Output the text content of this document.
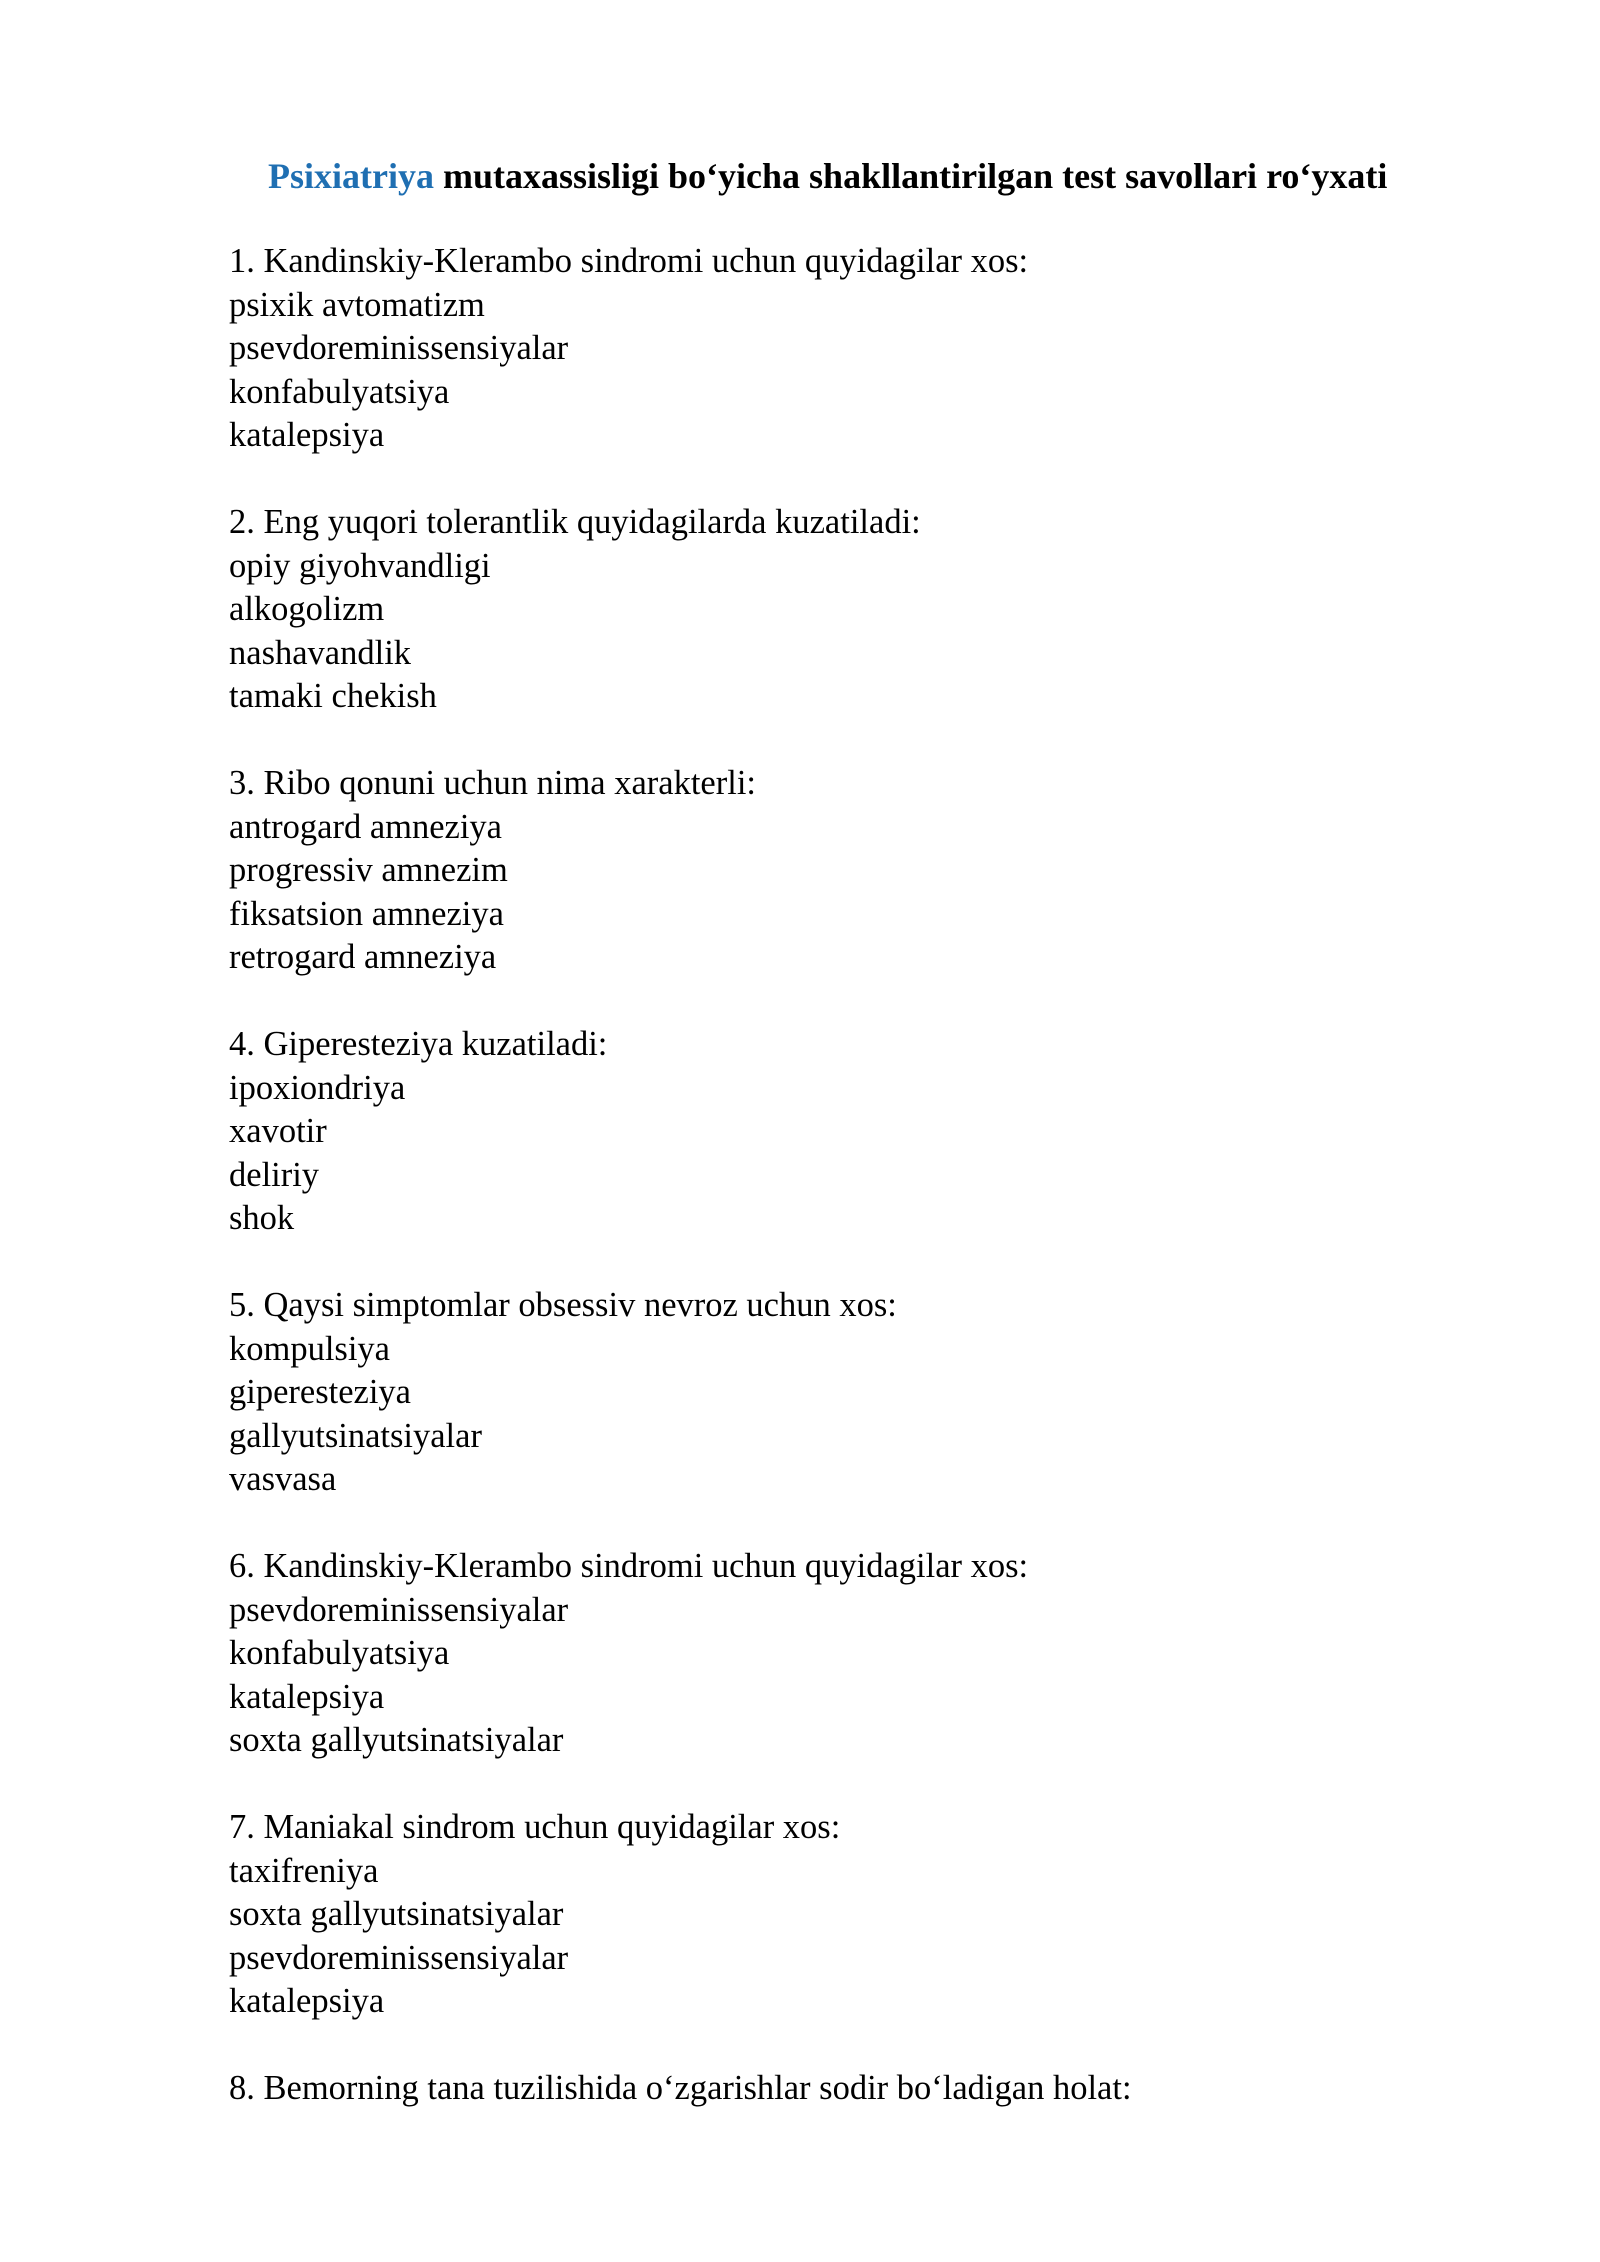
Psixiatriya mutaxassisligi bo‘yicha shakllantirilgan test savollari ro‘yxati

1. Kandinskiy-Klerambo sindromi uchun quyidagilar xos:

psixik avtomatizm

psevdoreminissensiyalar

konfabulyatsiya

katalepsiya

2. Eng yuqori tolerantlik quyidagilarda kuzatiladi:

opiy giyohvandligi

alkogolizm

nashavandlik

tamaki chekish

3. Ribo qonuni uchun nima xarakterli:

antrogard amneziya

progressiv amnezim

fiksatsion amneziya

retrogard amneziya

4. Giperesteziya kuzatiladi:

ipoxiondriya

xavotir

deliriy

shok

5. Qaysi simptomlar obsessiv nevroz uchun xos:

kompulsiya

giperesteziya

gallyutsinatsiyalar

vasvasa

6. Kandinskiy-Klerambo sindromi uchun quyidagilar xos:

psevdoreminissensiyalar

konfabulyatsiya

katalepsiya

soxta gallyutsinatsiyalar

7. Maniakal sindrom uchun quyidagilar xos:

taxifreniya

soxta gallyutsinatsiyalar

psevdoreminissensiyalar

katalepsiya

8. Bemorning tana tuzilishida o‘zgarishlar sodir bo‘ladigan holat:
